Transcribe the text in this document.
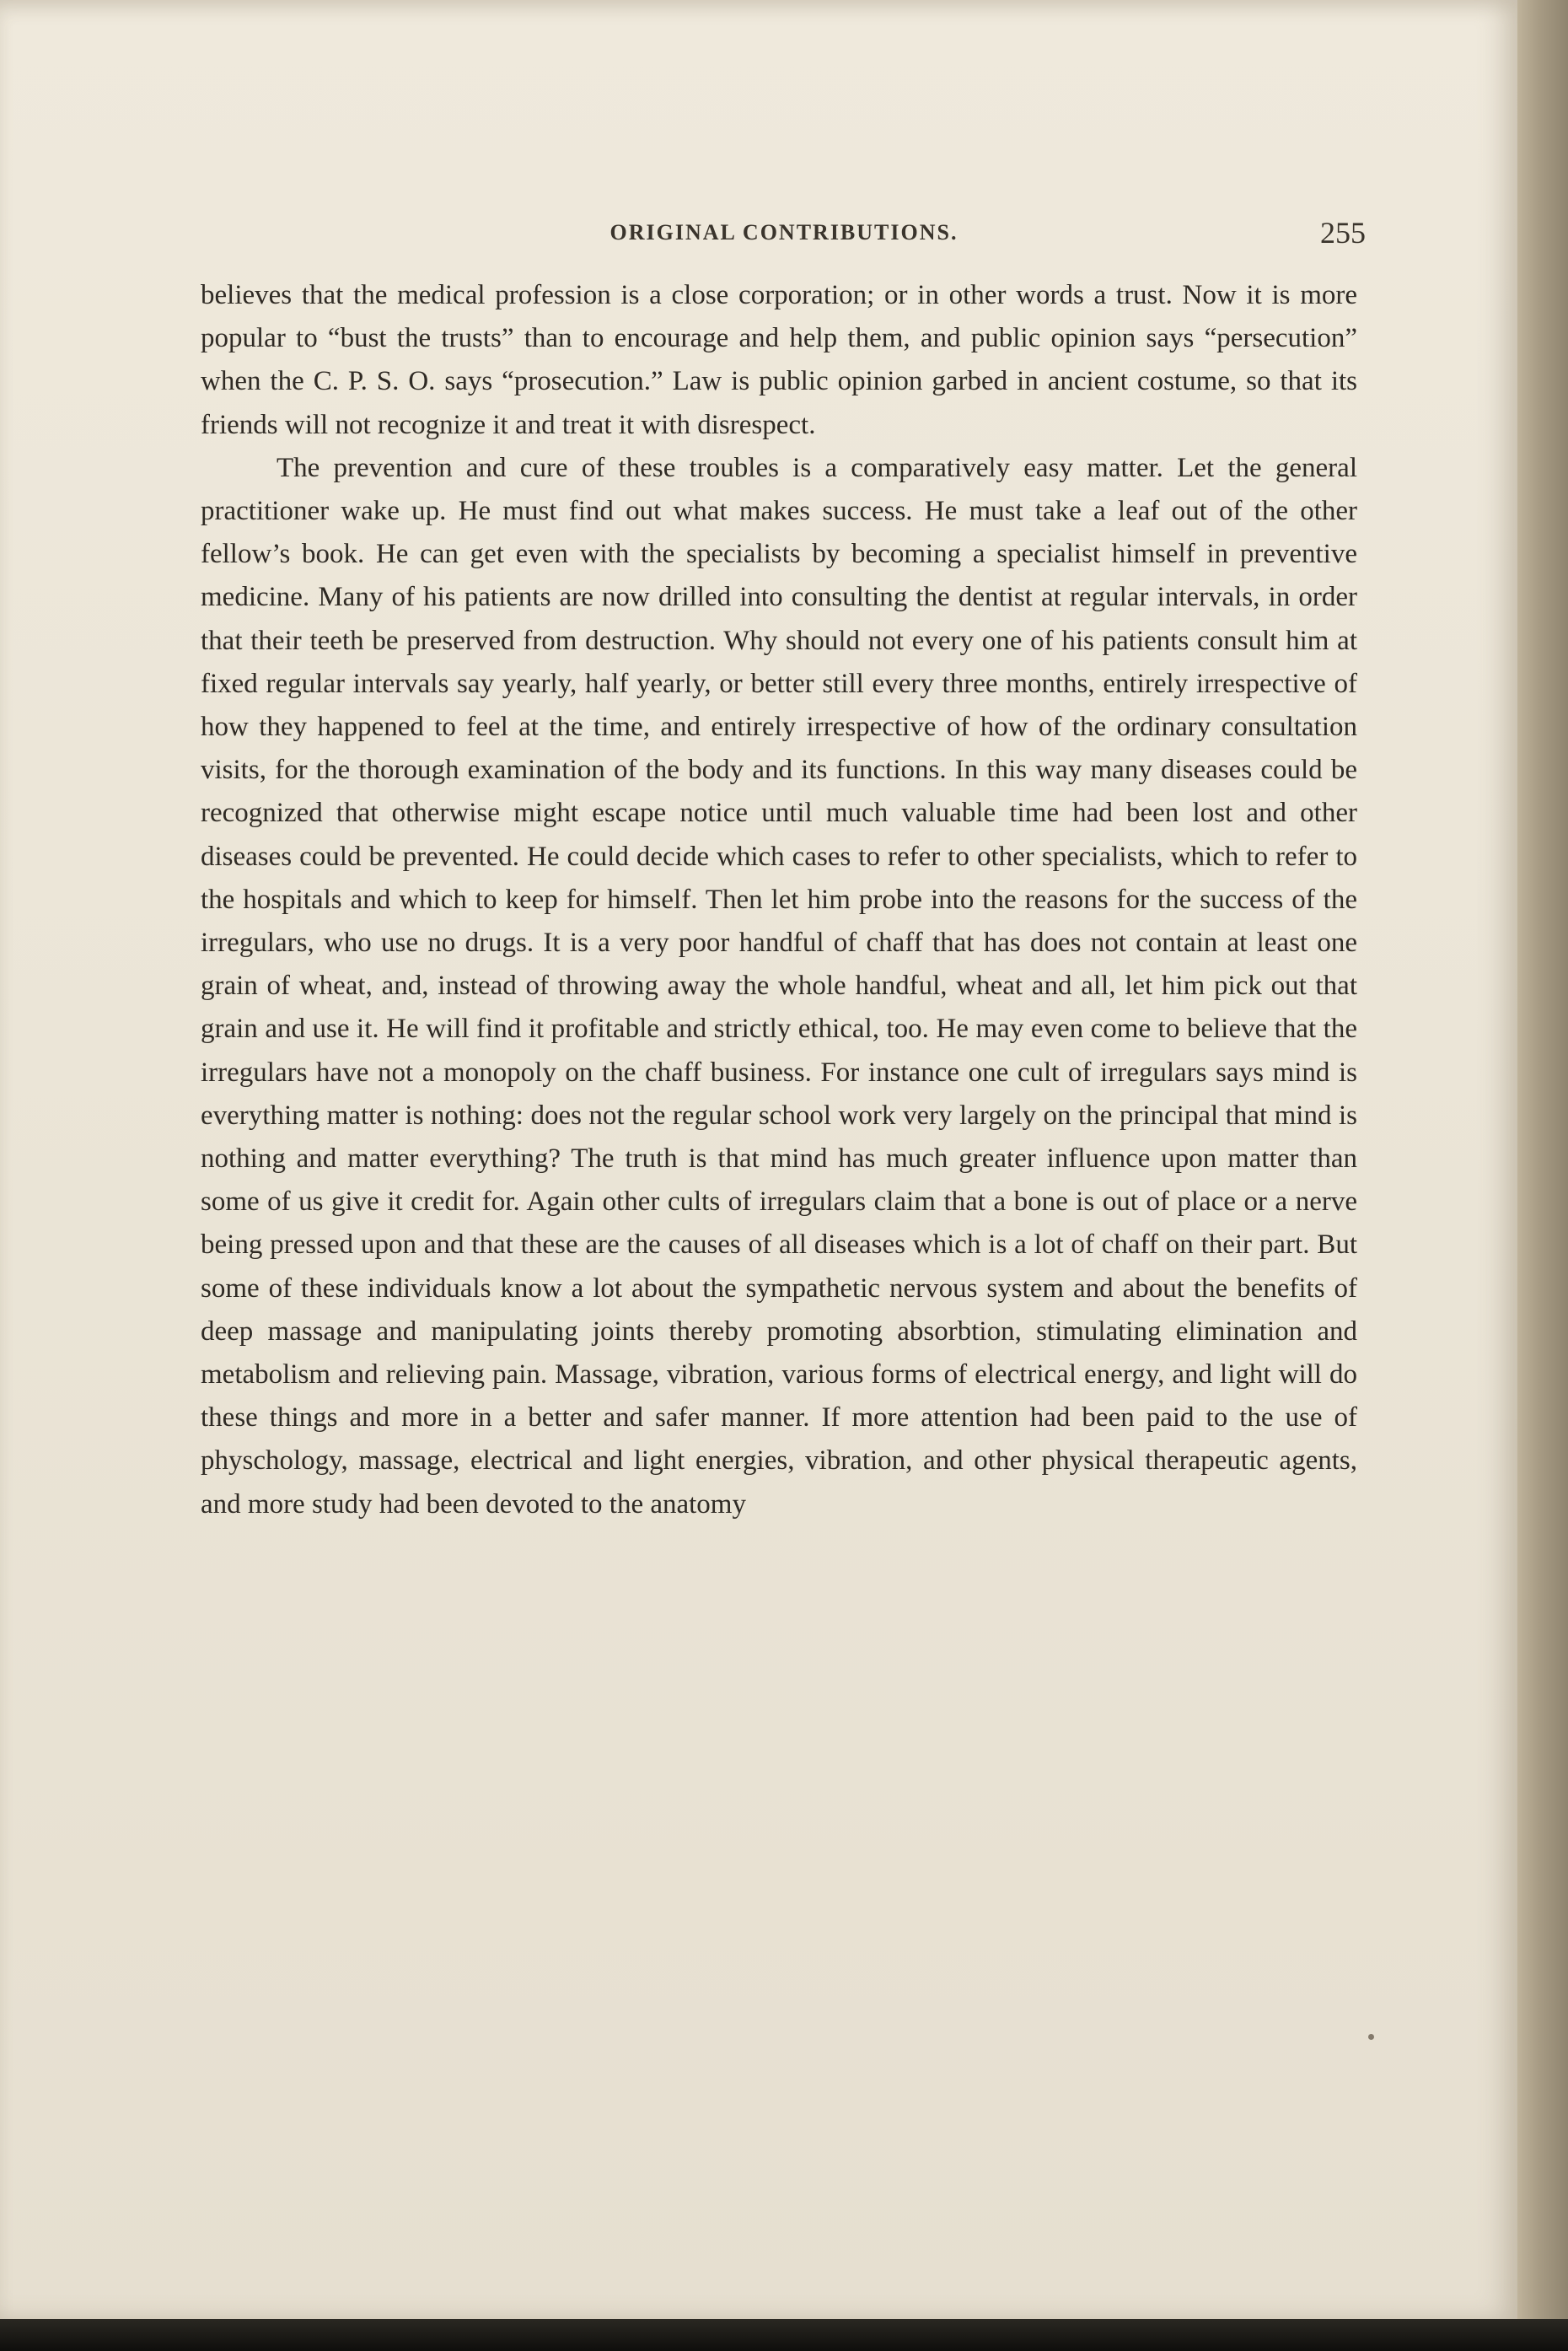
ORIGINAL CONTRIBUTIONS.	255

believes that the medical profession is a close corporation; or in other words a trust. Now it is more popular to “bust the trusts” than to encourage and help them, and public opinion says “persecution” when the C. P. S. O. says “prosecution.” Law is public opinion garbed in ancient costume, so that its friends will not recognize it and treat it with disrespect.

The prevention and cure of these troubles is a comparatively easy matter. Let the general practitioner wake up. He must find out what makes success. He must take a leaf out of the other fellow’s book. He can get even with the specialists by becoming a specialist himself in preventive medicine. Many of his patients are now drilled into consulting the dentist at regular intervals, in order that their teeth be preserved from destruction. Why should not every one of his patients consult him at fixed regular intervals say yearly, half yearly, or better still every three months, entirely irrespective of how they happened to feel at the time, and entirely irrespective of how of the ordinary consultation visits, for the thorough examination of the body and its functions. In this way many diseases could be recognized that otherwise might escape notice until much valuable time had been lost and other diseases could be prevented. He could decide which cases to refer to other specialists, which to refer to the hospitals and which to keep for himself. Then let him probe into the reasons for the success of the irregulars, who use no drugs. It is a very poor handful of chaff that has does not contain at least one grain of wheat, and, instead of throwing away the whole handful, wheat and all, let him pick out that grain and use it. He will find it profitable and strictly ethical, too. He may even come to believe that the irregulars have not a monopoly on the chaff business. For instance one cult of irregulars says mind is everything matter is nothing: does not the regular school work very largely on the principal that mind is nothing and matter everything? The truth is that mind has much greater influence upon matter than some of us give it credit for. Again other cults of irregulars claim that a bone is out of place or a nerve being pressed upon and that these are the causes of all diseases which is a lot of chaff on their part. But some of these individuals know a lot about the sympathetic nervous system and about the benefits of deep massage and manipulating joints thereby promoting absorbtion, stimulating elimination and metabolism and relieving pain. Massage, vibration, various forms of electrical energy, and light will do these things and more in a better and safer manner. If more attention had been paid to the use of physchology, massage, electrical and light energies, vibration, and other physical therapeutic agents, and more study had been devoted to the anatomy
